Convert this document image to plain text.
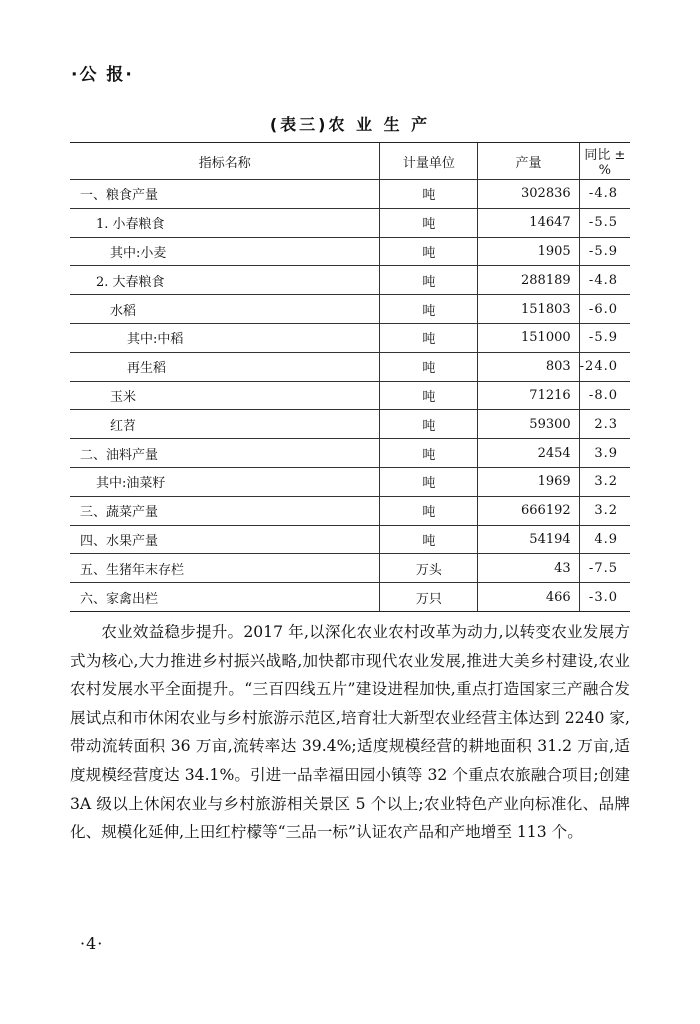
·公 报·
(表三)农 业 生 产
指标名称	计量单位	产量	同比 ± %
一、粮食产量	吨	302836	-4.8
1. 小春粮食	吨	14647	-5.5
其中:小麦	吨	1905	-5.9
2. 大春粮食	吨	288189	-4.8
水稻	吨	151803	-6.0
其中:中稻	吨	151000	-5.9
再生稻	吨	803	-24.0
玉米	吨	71216	-8.0
红苕	吨	59300	2.3
二、油料产量	吨	2454	3.9
其中:油菜籽	吨	1969	3.2
三、蔬菜产量	吨	666192	3.2
四、水果产量	吨	54194	4.9
五、生猪年末存栏	万头	43	-7.5
六、家禽出栏	万只	466	-3.0

农业效益稳步提升。2017 年,以深化农业农村改革为动力,以转变农业发展方式为核心,大力推进乡村振兴战略,加快都市现代农业发展,推进大美乡村建设,农业农村发展水平全面提升。“三百四线五片”建设进程加快,重点打造国家三产融合发展试点和市休闲农业与乡村旅游示范区,培育壮大新型农业经营主体达到 2240 家,带动流转面积 36 万亩,流转率达 39.4%;适度规模经营的耕地面积 31.2 万亩,适度规模经营度达 34.1%。引进一品幸福田园小镇等 32 个重点农旅融合项目;创建 3A 级以上休闲农业与乡村旅游相关景区 5 个以上;农业特色产业向标准化、品牌化、规模化延伸,上田红柠檬等“三品一标”认证农产品和产地增至 113 个。

·4·
